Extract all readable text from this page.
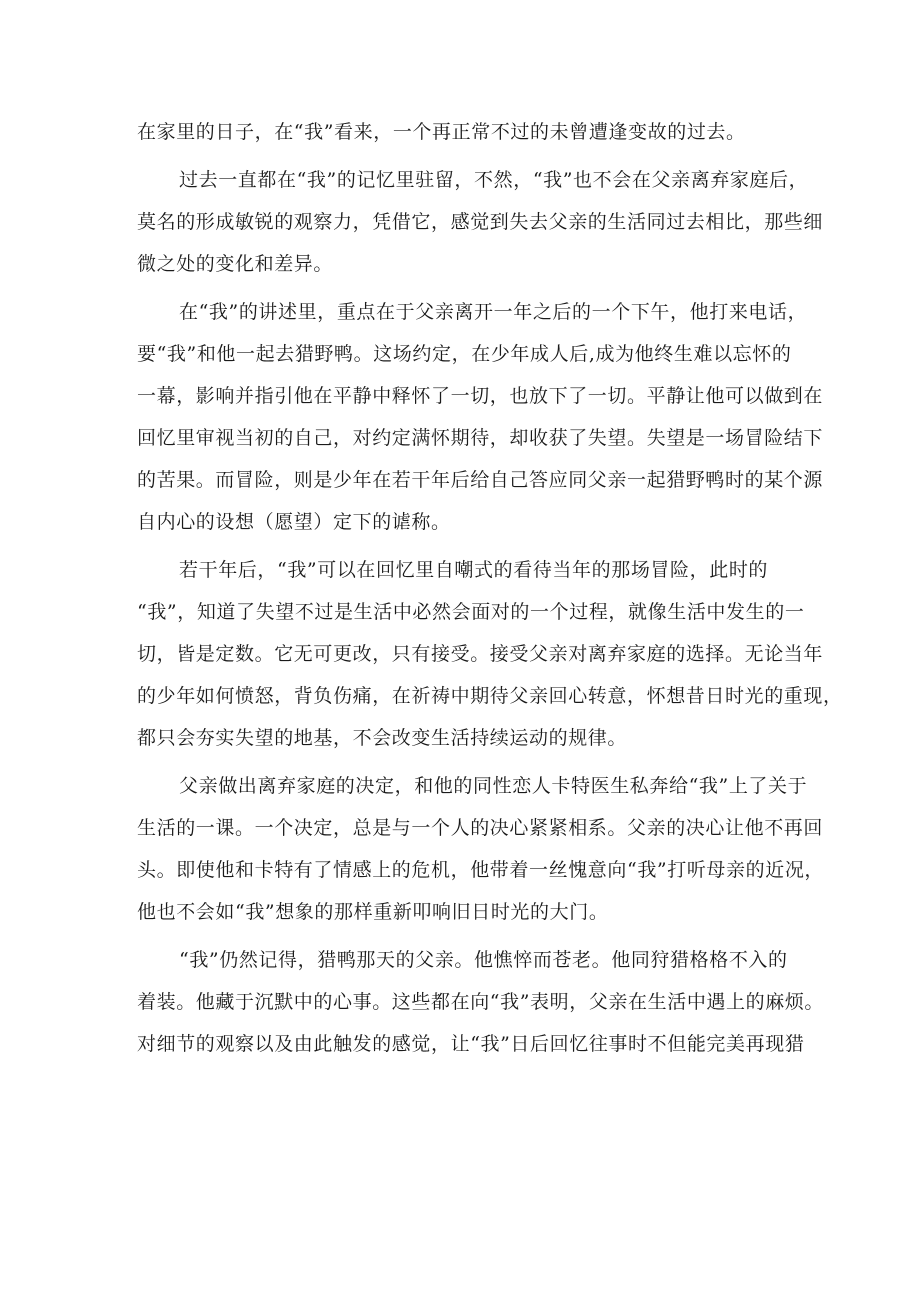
在家里的日子，在“我”看来，一个再正常不过的未曾遭逢变故的过去。
过去一直都在“我”的记忆里驻留，不然，“我”也不会在父亲离弃家庭后，
莫名的形成敏锐的观察力，凭借它，感觉到失去父亲的生活同过去相比，那些细
微之处的变化和差异。
在“我”的讲述里，重点在于父亲离开一年之后的一个下午，他打来电话，
要“我”和他一起去猎野鸭。这场约定，在少年成人后,成为他终生难以忘怀的
一幕，影响并指引他在平静中释怀了一切，也放下了一切。平静让他可以做到在
回忆里审视当初的自己，对约定满怀期待，却收获了失望。失望是一场冒险结下
的苦果。而冒险，则是少年在若干年后给自己答应同父亲一起猎野鸭时的某个源
自内心的设想（愿望）定下的谑称。
若干年后，“我”可以在回忆里自嘲式的看待当年的那场冒险，此时的
“我”，知道了失望不过是生活中必然会面对的一个过程，就像生活中发生的一
切，皆是定数。它无可更改，只有接受。接受父亲对离弃家庭的选择。无论当年
的少年如何愤怒，背负伤痛，在祈祷中期待父亲回心转意，怀想昔日时光的重现，
都只会夯实失望的地基，不会改变生活持续运动的规律。
父亲做出离弃家庭的决定，和他的同性恋人卡特医生私奔给“我”上了关于
生活的一课。一个决定，总是与一个人的决心紧紧相系。父亲的决心让他不再回
头。即使他和卡特有了情感上的危机，他带着一丝愧意向“我”打听母亲的近况，
他也不会如“我”想象的那样重新叩响旧日时光的大门。
“我”仍然记得，猎鸭那天的父亲。他憔悴而苍老。他同狩猎格格不入的
着装。他藏于沉默中的心事。这些都在向“我”表明，父亲在生活中遇上的麻烦。
对细节的观察以及由此触发的感觉，让“我”日后回忆往事时不但能完美再现猎
